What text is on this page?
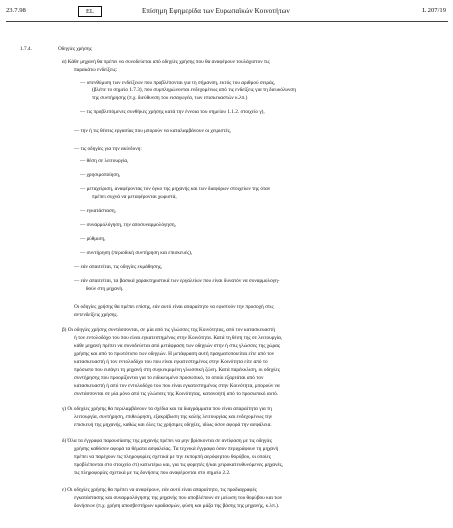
23.7.98	EL	Επίσημη Εφημερίδα των Ευρωπαϊκών Κοινοτήτων	L 207/19
1.7.4.	Οδηγίες χρήσης
α) Κάθε μηχανή θα πρέπει να συνοδεύεται από οδηγίες χρήσης που θα αναφέρουν τουλάχιστον τις
παρακάτω ενδείξεις:
— υπενθύμιση των ενδείξεων που προβλέπονται για τη σήμανση, εκτός του αριθμού σειράς,
(βλέπε το σημείο 1.7.3), που συμπληρώνονται ενδεχομένως από τις ενδείξεις για τη διευκόλυνση
της συντήρησης (π.χ. διεύθυνση του εισαγωγέα, των επισκευαστών κ.λπ.)
— τις προβλεπόμενες συνθήκες χρήσης κατά την έννοια του σημείου 1.1.2. στοιχείο γ),
— την ή τις θέσεις εργασίας που μπορούν να καταλαμβάνουν οι χειριστές,
— τις οδηγίες για την ακίνδυνη:
— θέση σε λειτουργία,
— χρησιμοποίηση,
— μεταχείριση, αναφέροντας τον όγκο της μηχανής και των διαφόρων στοιχείων της όταν
πρέπει συχνά να μεταφέρονται χωριστά,
— εγκατάσταση,
— συναρμολόγηση, την αποσυναρμολόγηση,
— ρύθμιση,
— συντήρηση (περιοδική συντήρηση και επισκευές),
— εάν απαιτείται, τις οδηγίες εκμάθησης,
— εάν απαιτείται, τα βασικά χαρακτηριστικά των εργαλείων που είναι δυνατόν να συναρμολογη-
θούν στη μηχανή.
Οι οδηγίες χρήσης θα πρέπει επίσης, εάν αυτό είναι απαραίτητο να εφιστούν την προσοχή στις
αντενδείξεις χρήσης.
β) Οι οδηγίες χρήσης συντάσσονται, σε μία από τις γλώσσες της Κοινότητας, από τον κατασκευαστή
ή τον εντολοδόχο του που είναι εγκατεστημένος στην Κοινότητα. Κατά τη θέση της σε λειτουργία,
κάθε μηχανή πρέπει να συνοδεύεται από μετάφραση των οδηγιών στην ή στις γλώσσες της χώρας
χρήσης και από το πρωτότυπο των οδηγιών. Η μετάφραση αυτή πραγματοποιείται είτε από τον
κατασκευαστή ή τον εντολοδόχο του που είναι εγκατεστημένος στην Κοινότητα είτε από το
πρόσωπο που εισάγει τη μηχανή στη συγκεκριμένη γλωσσική ζώνη. Κατά παρέκκλιση, οι οδηγίες
συντήρησης που προορίζονται για το ειδικευμένο προσωπικό, το οποίο εξαρτάται από τον
κατασκευαστή ή από τον εντολοδόχο του που είναι εγκατεστημένος στην Κοινότητα, μπορούν να
συντάσσονται σε μία μόνο από τις γλώσσες της Κοινότητας, κατανοητή από το προσωπικό αυτό.
γ) Οι οδηγίες χρήσης θα περιλαμβάνουν τα σχέδια και τα διαγράμματα που είναι απαραίτητα για τη
λειτουργία, συντήρηση, επιθεώρηση, εξακρίβωση της καλής λειτουργίας και ενδεχομένως την
επισκευή της μηχανής, καθώς και όλες τις χρήσιμες οδηγίες, ιδίως όσον αφορά την ασφάλεια.
δ) Όλα τα έγγραφα παρουσίασης της μηχανής πρέπει να μην βρίσκονται σε αντίφαση με τις οδηγίες
χρήσης καθόσον αφορά τα θέματα ασφαλείας. Τα τεχνικά έγγραφα όσον περιγράφουν τη μηχανή
πρέπει να παρέχουν τις πληροφορίες σχετικά με την εκπομπή αερόφερτου θορύβου, οι οποίες
προβλέπονται στο στοιχείο στ) κατωτέρω και, για τις φορητές ή/και χειροκατευθυνόμενες μηχανές,
τις πληροφορίες σχετικά με τις δονήσεις που αναφέρονται στο σημείο 2.2.
ε) Οι οδηγίες χρήσης θα πρέπει να αναφέρουν, εάν αυτό είναι απαραίτητο, τις προδιαγραφές
εγκατάστασης και συναρμολόγησης της μηχανής που αποβλέπουν σε μείωση του θορύβου και των
δονήσεων (π.χ. χρήση αποσβεστήρων κραδασμών, φύση και μάζα της βάσης της μηχανής, κ.λπ.).
